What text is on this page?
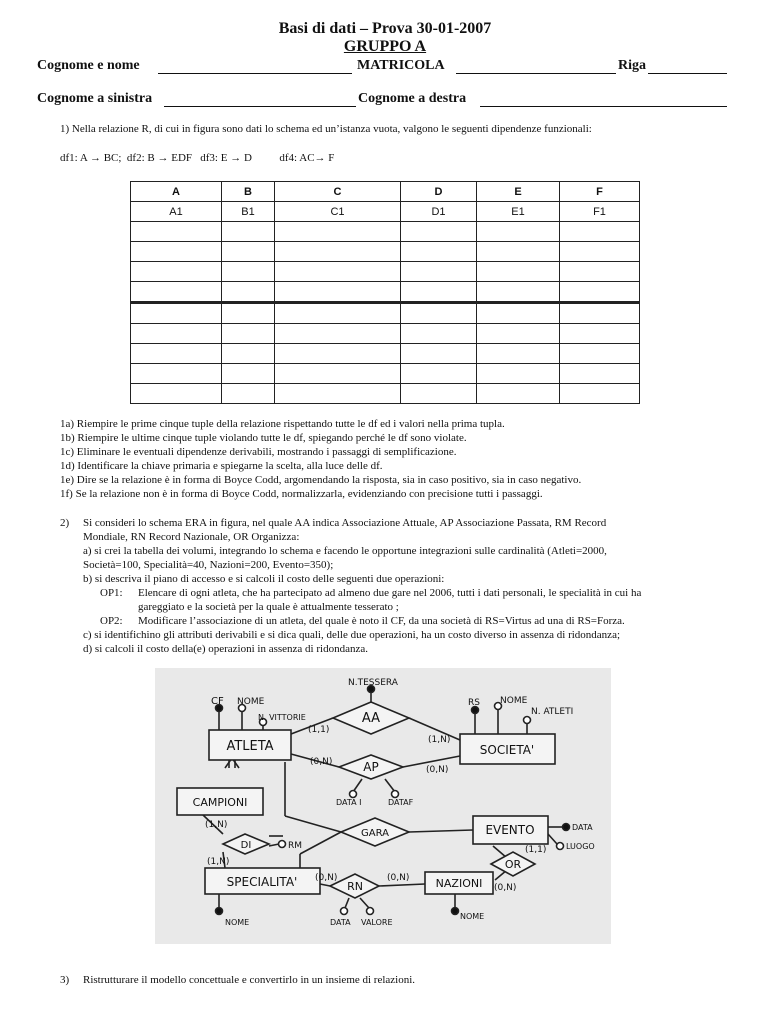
Basi di dati – Prova 30-01-2007
GRUPPO A
Cognome e nome	MATRICOLA	Riga
Cognome a sinistra	Cognome a destra
1) Nella relazione R, di cui in figura sono dati lo schema ed un’istanza vuota, valgono le seguenti dipendenze funzionali:
df1: A → BC;  df2: B → EDF   df3: E → D          df4: AC→ F
A	B	C	D	E	F
A1	B1	C1	D1	E1	F1

1a) Riempire le prime cinque tuple della relazione rispettando tutte le df ed i valori nella prima tupla.
1b) Riempire le ultime cinque tuple violando tutte le df, spiegando perché le df sono violate.
1c) Eliminare le eventuali dipendenze derivabili, mostrando i passaggi di semplificazione.
1d) Identificare la chiave primaria e spiegarne la scelta, alla luce delle df.
1e) Dire se la relazione è in forma di Boyce Codd, argomendando la risposta, sia in caso positivo, sia in caso negativo.
1f) Se la relazione non è in forma di Boyce Codd, normalizzarla, evidenziando con precisione tutti i passaggi.
2) Si consideri lo schema ERA in figura, nel quale AA indica Associazione Attuale, AP Associazione Passata, RM Record
Mondiale, RN Record Nazionale, OR Organizza:
a) si crei la tabella dei volumi, integrando lo schema e facendo le opportune integrazioni sulle cardinalità (Atleti=2000,
Società=100, Specialità=40, Nazioni=200, Evento=350);
b) si descriva il piano di accesso e si calcoli il costo delle seguenti due operazioni:
OP1: Elencare di ogni atleta, che ha partecipato ad almeno due gare nel 2006, tutti i dati personali, le specialità in cui ha
gareggiato e la società per la quale è attualmente tesserato ;
OP2: Modificare l’associazione di un atleta, del quale è noto il CF, da una società di RS=Virtus ad una di RS=Forza.
c) si identifichino gli attributi derivabili e si dica quali, delle due operazioni, ha un costo diverso in assenza di ridondanza;
d) si calcoli il costo della(e) operazioni in assenza di ridondanza.
ATLETA	SOCIETA'
CAMPIONI
EVENTO
SPECIALITA'	NAZIONI
AA
AP
GARA
DI
RN
OR
CF NOME
N. VITTORIE
N.TESSERA
RS NOME
N. ATLETI
DATA I	DATAF
DATA
LUOGO
RM
NOME	DATA VALORE
NOME
(1,1)
(1,N)
(0,N)
(0,N)
(1,N)
(1,N)
(0,N)	(0,N)
(1,1)
(0,N)
3) Ristrutturare il modello concettuale e convertirlo in un insieme di relazioni.
